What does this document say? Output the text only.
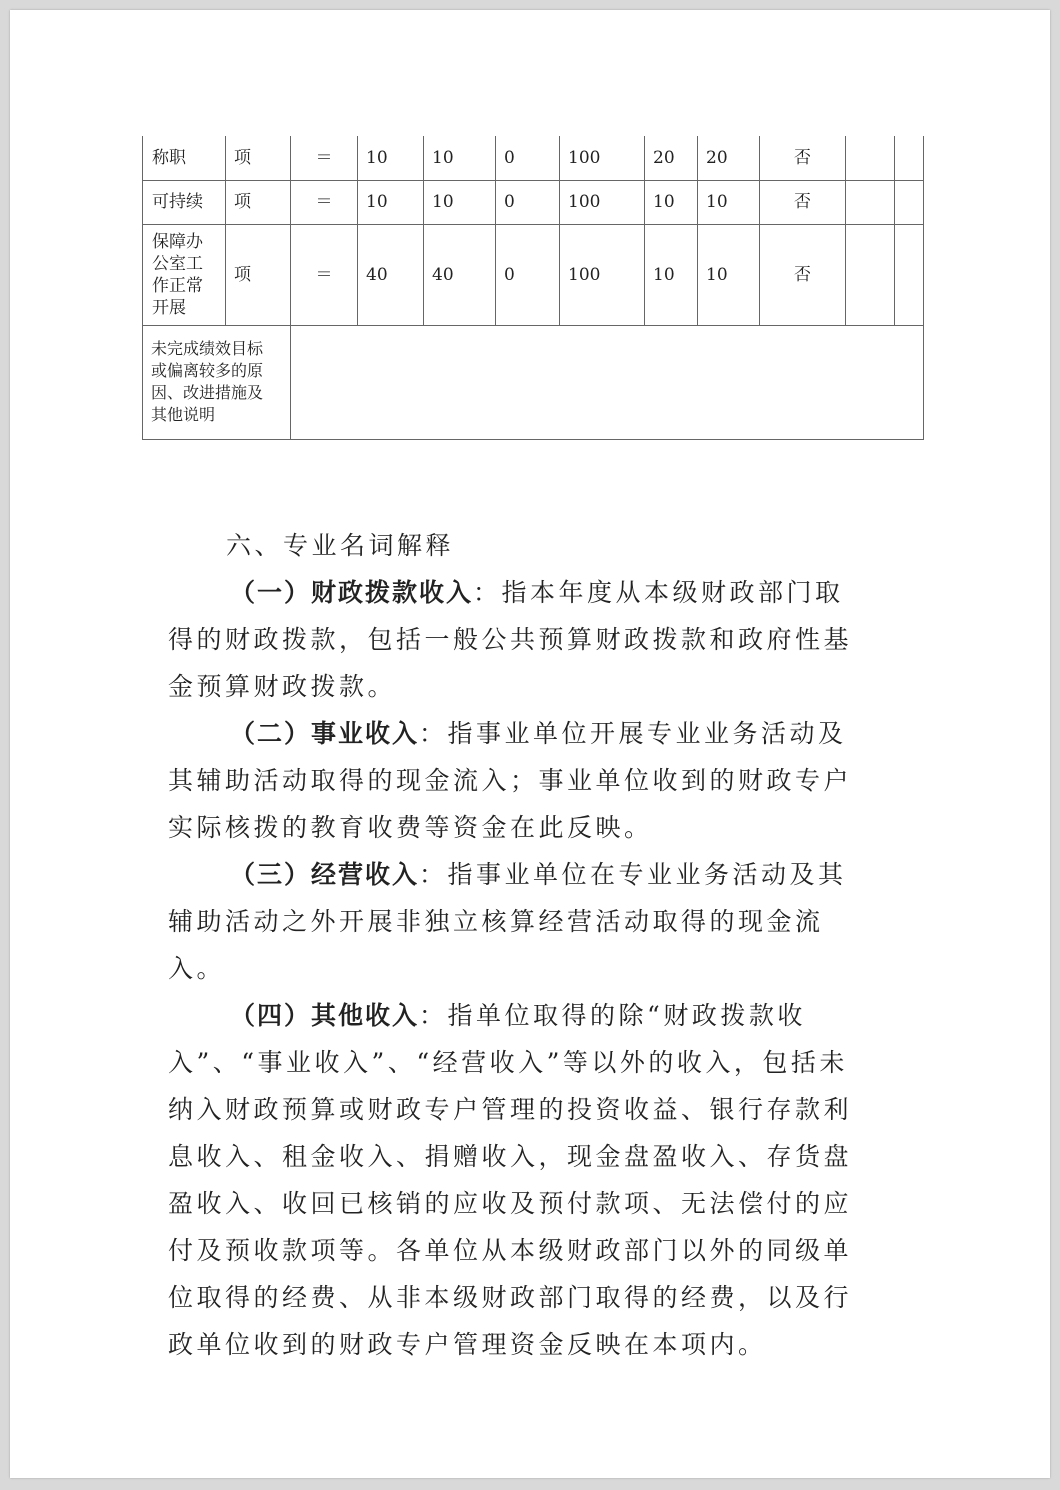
称职	项	＝	10	10	0	100	20	20	否		
可持续	项	＝	10	10	0	100	10	10	否		

保障办
公室工
作正常
开展	项	＝	40	40	0	100	10	10	否		

未完成绩效目标
或偏离较多的原
因、改进措施及
其他说明											

六、专业名词解释

（一）财政拨款收入：指本年度从本级财政部门取得的财政拨款，包括一般公共预算财政拨款和政府性基金预算财政拨款。

（二）事业收入：指事业单位开展专业业务活动及其辅助活动取得的现金流入；事业单位收到的财政专户实际核拨的教育收费等资金在此反映。

（三）经营收入：指事业单位在专业业务活动及其辅助活动之外开展非独立核算经营活动取得的现金流入。

（四）其他收入：指单位取得的除“财政拨款收入”、“事业收入”、“经营收入”等以外的收入，包括未纳入财政预算或财政专户管理的投资收益、银行存款利息收入、租金收入、捐赠收入，现金盘盈收入、存货盘盈收入、收回已核销的应收及预付款项、无法偿付的应付及预收款项等。各单位从本级财政部门以外的同级单位取得的经费、从非本级财政部门取得的经费，以及行政单位收到的财政专户管理资金反映在本项内。
